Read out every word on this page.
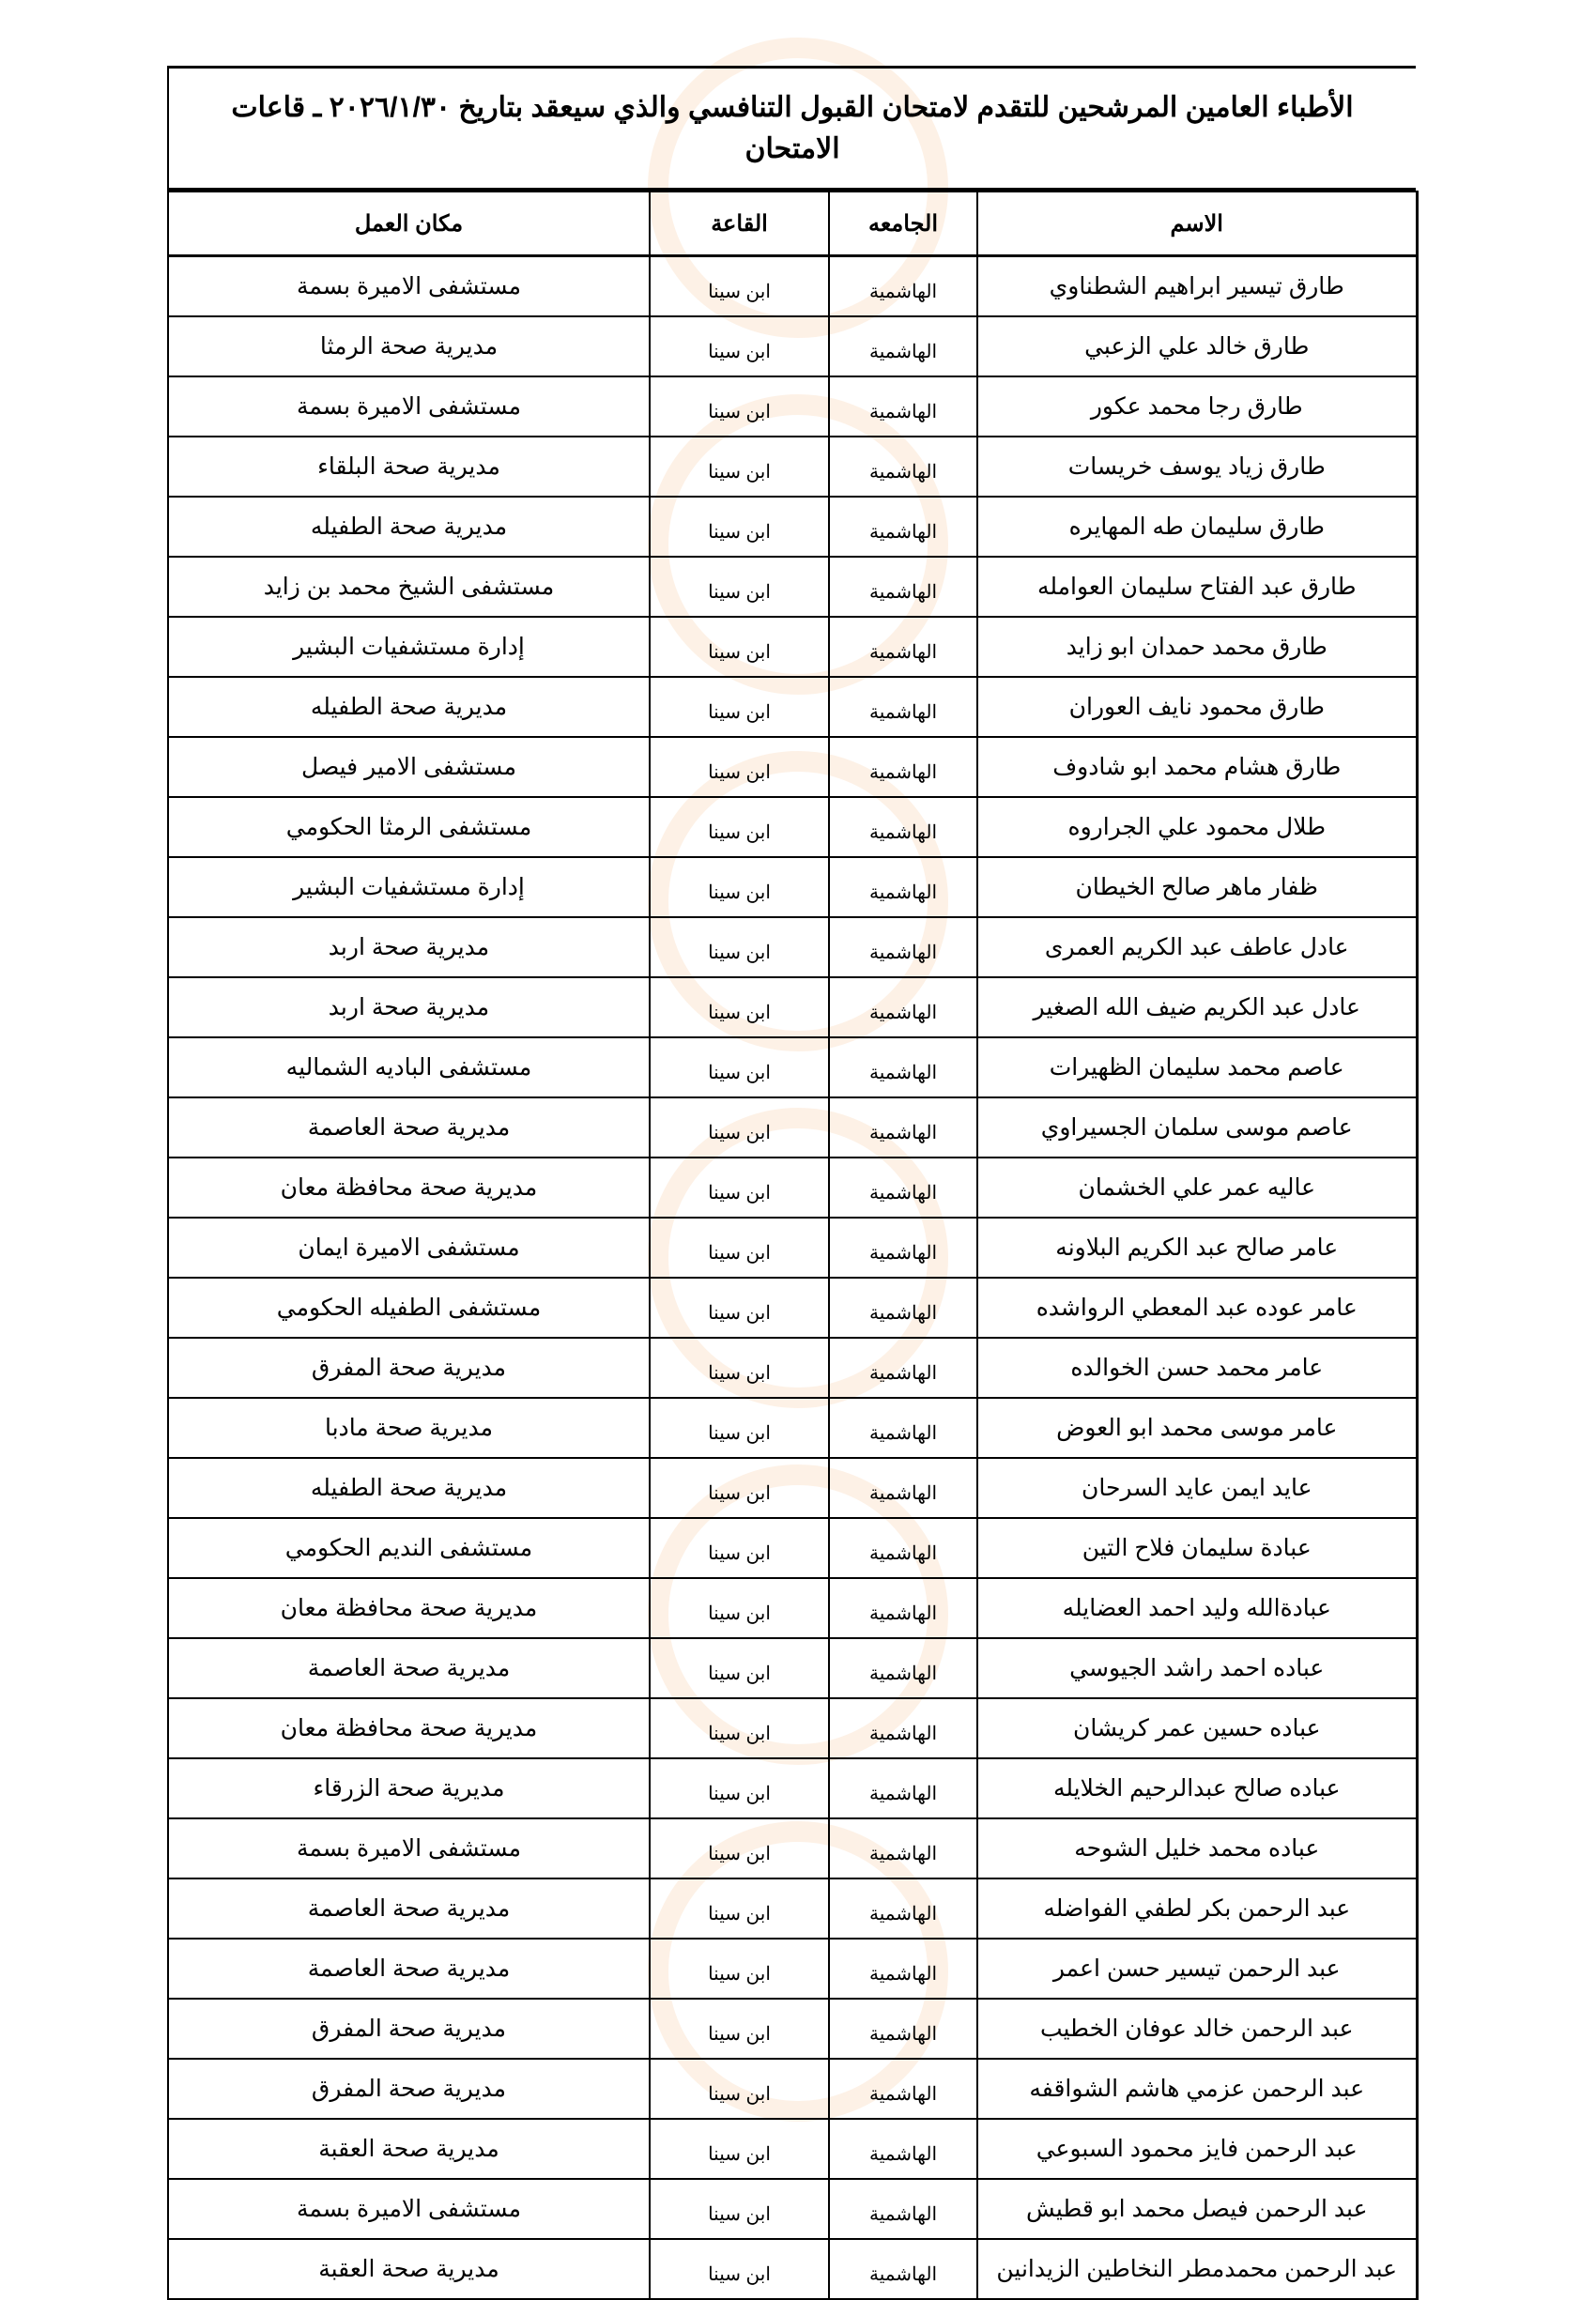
الأطباء العامين المرشحين للتقدم لامتحان القبول التنافسي والذي سيعقد بتاريخ ٢٠٢٦/١/٣٠ ـ قاعات الامتحان
الاسم	الجامعه	القاعة	مكان العمل
طارق تيسير ابراهيم الشطناوي	الهاشمية	ابن سينا	مستشفى الاميرة بسمة
طارق خالد علي الزعبي	الهاشمية	ابن سينا	مديرية صحة الرمثا
طارق رجا محمد عكور	الهاشمية	ابن سينا	مستشفى الاميرة بسمة
طارق زياد يوسف خريسات	الهاشمية	ابن سينا	مديرية صحة البلقاء
طارق سليمان طه المهايره	الهاشمية	ابن سينا	مديرية صحة الطفيله
طارق عبد الفتاح سليمان العوامله	الهاشمية	ابن سينا	مستشفى الشيخ محمد بن زايد
طارق محمد حمدان ابو زايد	الهاشمية	ابن سينا	إدارة مستشفيات البشير
طارق محمود نايف العوران	الهاشمية	ابن سينا	مديرية صحة الطفيله
طارق هشام محمد ابو شادوف	الهاشمية	ابن سينا	مستشفى الامير فيصل
طلال محمود علي الجراروه	الهاشمية	ابن سينا	مستشفى الرمثا الحكومي
ظفار ماهر صالح الخيطان	الهاشمية	ابن سينا	إدارة مستشفيات البشير
عادل عاطف عبد الكريم العمرى	الهاشمية	ابن سينا	مديرية صحة اربد
عادل عبد الكريم ضيف الله الصغير	الهاشمية	ابن سينا	مديرية صحة اربد
عاصم محمد سليمان الظهيرات	الهاشمية	ابن سينا	مستشفى الباديه الشماليه
عاصم موسى سلمان الجسيراوي	الهاشمية	ابن سينا	مديرية صحة العاصمة
عاليه عمر علي الخشمان	الهاشمية	ابن سينا	مديرية صحة محافظة معان
عامر صالح عبد الكريم البلاونه	الهاشمية	ابن سينا	مستشفى الاميرة ايمان
عامر عوده عبد المعطي الرواشده	الهاشمية	ابن سينا	مستشفى الطفيله الحكومي
عامر محمد حسن الخوالده	الهاشمية	ابن سينا	مديرية صحة المفرق
عامر موسى محمد ابو العوض	الهاشمية	ابن سينا	مديرية صحة مادبا
عايد ايمن عايد السرحان	الهاشمية	ابن سينا	مديرية صحة الطفيله
عبادة سليمان فلاح التين	الهاشمية	ابن سينا	مستشفى النديم الحكومي
عبادةالله وليد احمد العضايله	الهاشمية	ابن سينا	مديرية صحة محافظة معان
عباده احمد راشد الجيوسي	الهاشمية	ابن سينا	مديرية صحة العاصمة
عباده حسين عمر كريشان	الهاشمية	ابن سينا	مديرية صحة محافظة معان
عباده صالح عبدالرحيم الخلايله	الهاشمية	ابن سينا	مديرية صحة الزرقاء
عباده محمد خليل الشوحه	الهاشمية	ابن سينا	مستشفى الاميرة بسمة
عبد الرحمن بكر لطفي الفواضله	الهاشمية	ابن سينا	مديرية صحة العاصمة
عبد الرحمن تيسير حسن اعمر	الهاشمية	ابن سينا	مديرية صحة العاصمة
عبد الرحمن خالد عوفان الخطيب	الهاشمية	ابن سينا	مديرية صحة المفرق
عبد الرحمن عزمي هاشم الشواقفه	الهاشمية	ابن سينا	مديرية صحة المفرق
عبد الرحمن فايز محمود السبوعي	الهاشمية	ابن سينا	مديرية صحة العقبة
عبد الرحمن فيصل محمد ابو قطيش	الهاشمية	ابن سينا	مستشفى الاميرة بسمة
عبد الرحمن محمدمطر النخاطين الزيدانين	الهاشمية	ابن سينا	مديرية صحة العقبة
